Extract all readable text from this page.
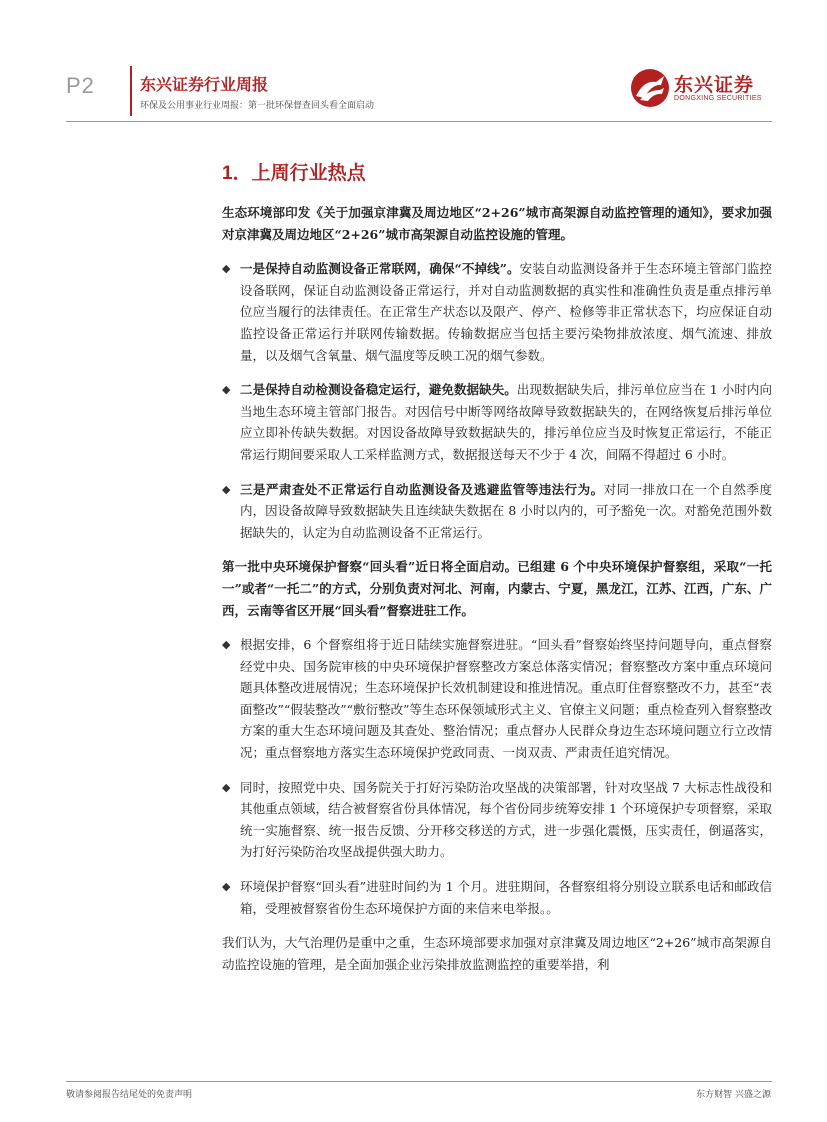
P2	东兴证券行业周报
环保及公用事业行业周报：第一批环保督查回头看全面启动
东兴证券
DONGXING SECURITIES
1．上周行业热点

生态环境部印发《关于加强京津冀及周边地区“2+26”城市高架源自动监控管理的通知》，要求加强对京津冀及周边地区“2+26”城市高架源自动监控设施的管理。

◆ 一是保持自动监测设备正常联网，确保“不掉线”。安装自动监测设备并于生态环境主管部门监控设备联网，保证自动监测设备正常运行，并对自动监测数据的真实性和准确性负责是重点排污单位应当履行的法律责任。在正常生产状态以及限产、停产、检修等非正常状态下，均应保证自动监控设备正常运行并联网传输数据。传输数据应当包括主要污染物排放浓度、烟气流速、排放量，以及烟气含氧量、烟气温度等反映工况的烟气参数。
◆ 二是保持自动检测设备稳定运行，避免数据缺失。出现数据缺失后，排污单位应当在 1 小时内向当地生态环境主管部门报告。对因信号中断等网络故障导致数据缺失的，在网络恢复后排污单位应立即补传缺失数据。对因设备故障导致数据缺失的，排污单位应当及时恢复正常运行，不能正常运行期间要采取人工采样监测方式，数据报送每天不少于 4 次，间隔不得超过 6 小时。
◆ 三是严肃查处不正常运行自动监测设备及逃避监管等违法行为。对同一排放口在一个自然季度内，因设备故障导致数据缺失且连续缺失数据在 8 小时以内的，可予豁免一次。对豁免范围外数据缺失的，认定为自动监测设备不正常运行。

第一批中央环境保护督察“回头看”近日将全面启动。已组建 6 个中央环境保护督察组，采取“一托一”或者“一托二”的方式，分别负责对河北、河南，内蒙古、宁夏，黑龙江，江苏、江西，广东、广西，云南等省区开展“回头看”督察进驻工作。

◆ 根据安排，6 个督察组将于近日陆续实施督察进驻。“回头看”督察始终坚持问题导向，重点督察经党中央、国务院审核的中央环境保护督察整改方案总体落实情况；督察整改方案中重点环境问题具体整改进展情况；生态环境保护长效机制建设和推进情况。重点盯住督察整改不力，甚至“表面整改”“假装整改”“敷衍整改”等生态环保领域形式主义、官僚主义问题；重点检查列入督察整改方案的重大生态环境问题及其查处、整治情况；重点督办人民群众身边生态环境问题立行立改情况；重点督察地方落实生态环境保护党政同责、一岗双责、严肃责任追究情况。
◆ 同时，按照党中央、国务院关于打好污染防治攻坚战的决策部署，针对攻坚战 7 大标志性战役和其他重点领域，结合被督察省份具体情况，每个省份同步统筹安排 1 个环境保护专项督察，采取统一实施督察、统一报告反馈、分开移交移送的方式，进一步强化震慑，压实责任，倒逼落实，为打好污染防治攻坚战提供强大助力。
◆ 环境保护督察“回头看”进驻时间约为 1 个月。进驻期间，各督察组将分别设立联系电话和邮政信箱，受理被督察省份生态环境保护方面的来信来电举报。。

我们认为，大气治理仍是重中之重，生态环境部要求加强对京津冀及周边地区“2+26”城市高架源自动监控设施的管理，是全面加强企业污染排放监测监控的重要举措，利

敬请参阅报告结尾处的免责声明	东方财智 兴盛之源
